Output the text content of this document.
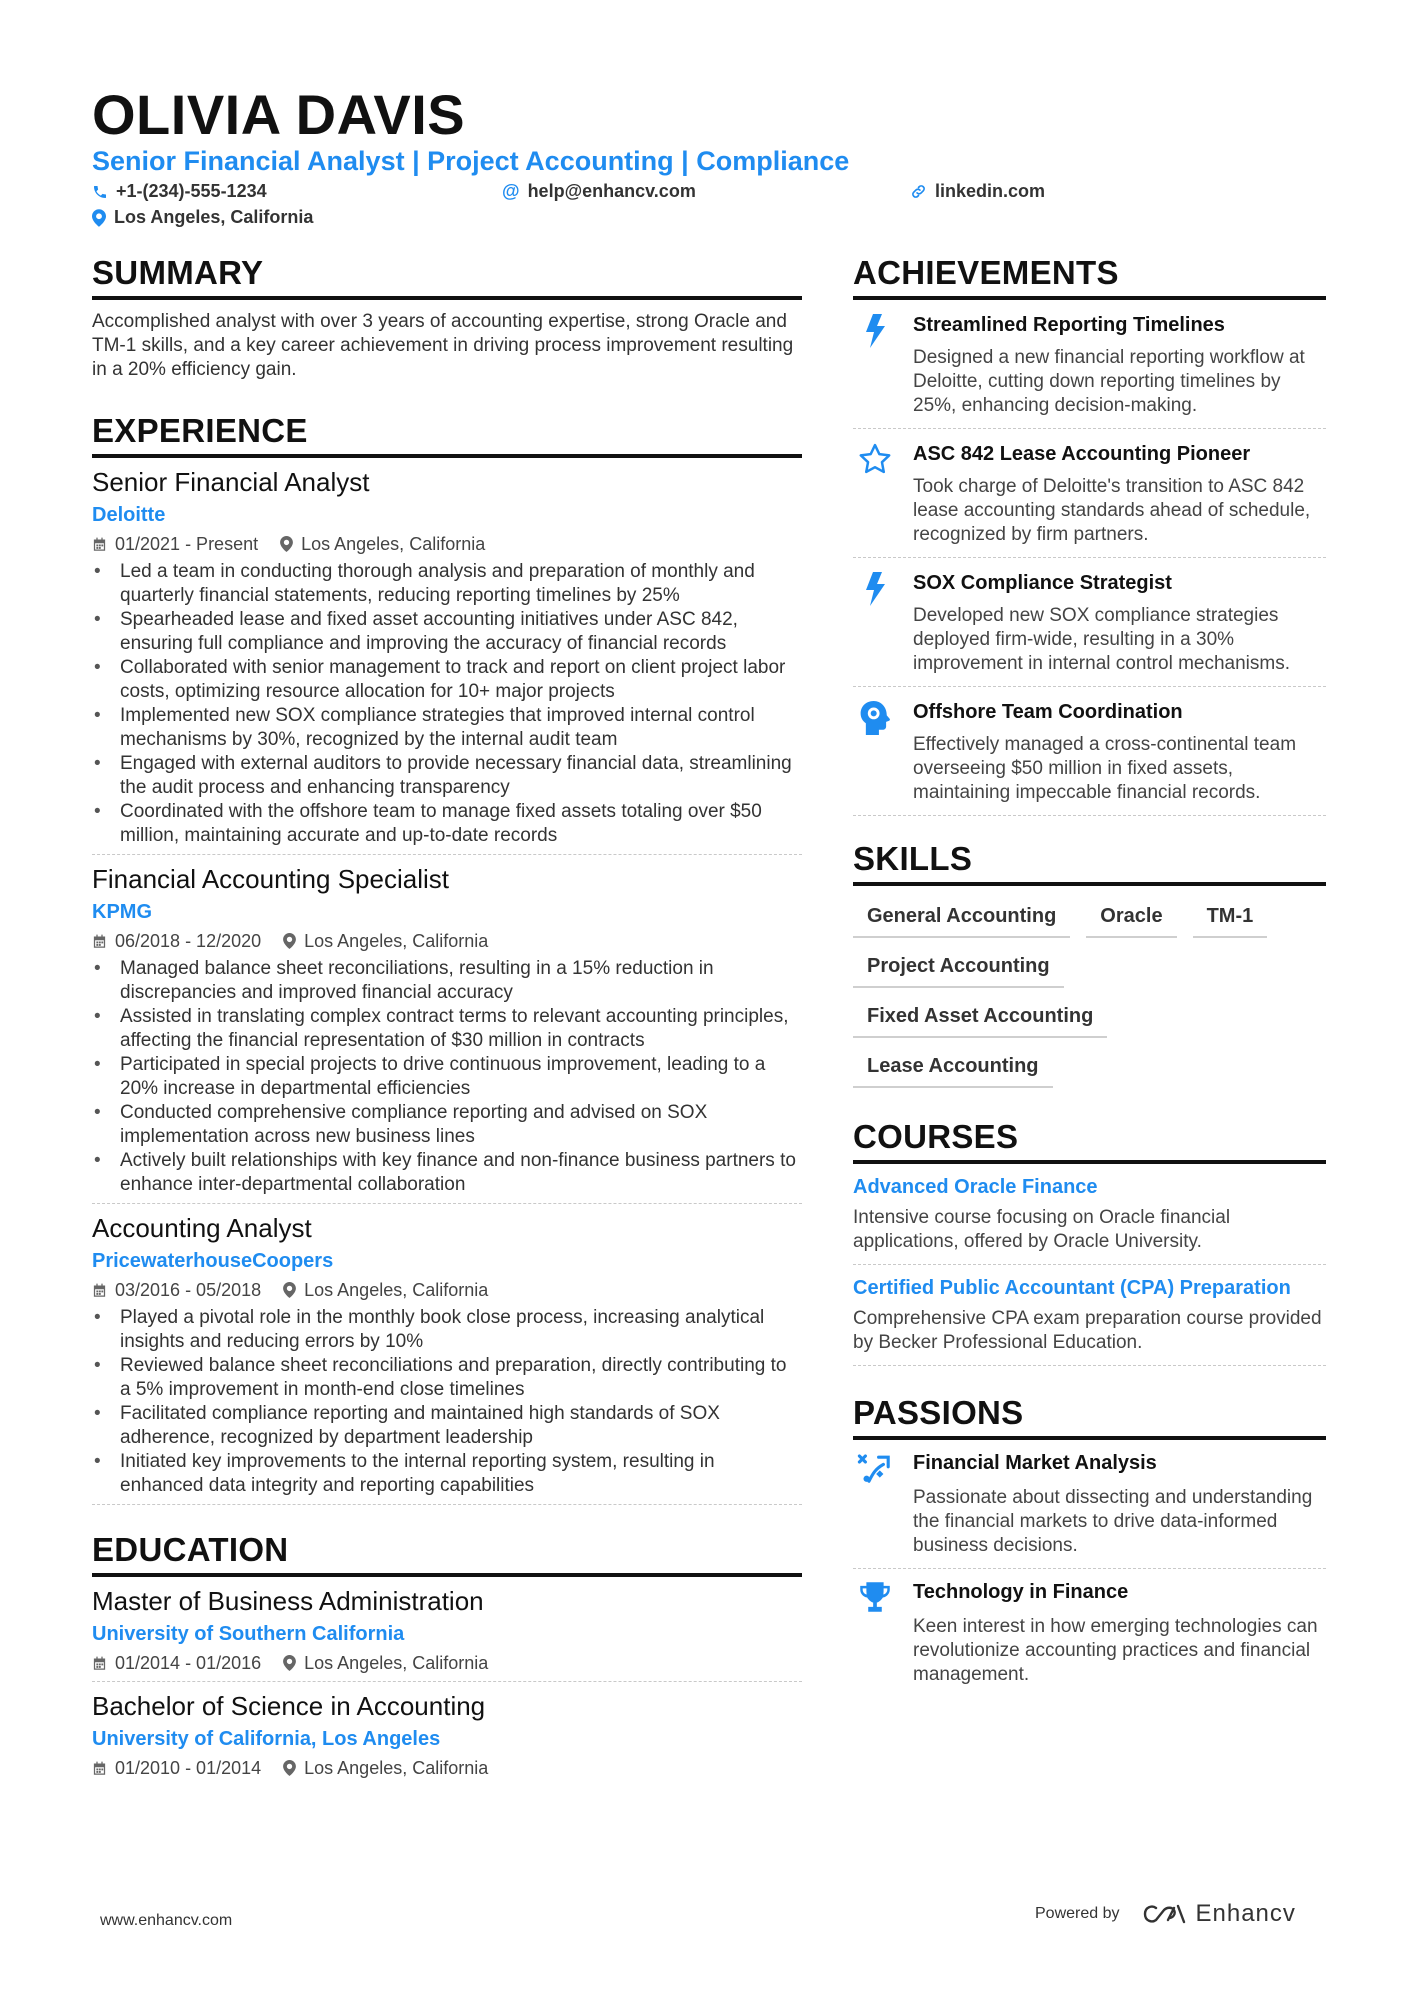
OLIVIA DAVIS
Senior Financial Analyst | Project Accounting | Compliance
+1-(234)-555-1234	@ help@enhancv.com	linkedin.com
Los Angeles, California
SUMMARY
Accomplished analyst with over 3 years of accounting expertise, strong Oracle and TM-1 skills, and a key career achievement in driving process improvement resulting in a 20% efficiency gain.
EXPERIENCE
Senior Financial Analyst
Deloitte
01/2021 - Present Los Angeles, California
• Led a team in conducting thorough analysis and preparation of monthly and quarterly financial statements, reducing reporting timelines by 25%
• Spearheaded lease and fixed asset accounting initiatives under ASC 842, ensuring full compliance and improving the accuracy of financial records
• Collaborated with senior management to track and report on client project labor costs, optimizing resource allocation for 10+ major projects
• Implemented new SOX compliance strategies that improved internal control mechanisms by 30%, recognized by the internal audit team
• Engaged with external auditors to provide necessary financial data, streamlining the audit process and enhancing transparency
• Coordinated with the offshore team to manage fixed assets totaling over $50 million, maintaining accurate and up-to-date records
Financial Accounting Specialist
KPMG
06/2018 - 12/2020 Los Angeles, California
• Managed balance sheet reconciliations, resulting in a 15% reduction in discrepancies and improved financial accuracy
• Assisted in translating complex contract terms to relevant accounting principles, affecting the financial representation of $30 million in contracts
• Participated in special projects to drive continuous improvement, leading to a 20% increase in departmental efficiencies
• Conducted comprehensive compliance reporting and advised on SOX implementation across new business lines
• Actively built relationships with key finance and non-finance business partners to enhance inter-departmental collaboration
Accounting Analyst
PricewaterhouseCoopers
03/2016 - 05/2018 Los Angeles, California
• Played a pivotal role in the monthly book close process, increasing analytical insights and reducing errors by 10%
• Reviewed balance sheet reconciliations and preparation, directly contributing to a 5% improvement in month-end close timelines
• Facilitated compliance reporting and maintained high standards of SOX adherence, recognized by department leadership
• Initiated key improvements to the internal reporting system, resulting in enhanced data integrity and reporting capabilities
EDUCATION
Master of Business Administration
University of Southern California
01/2014 - 01/2016 Los Angeles, California
Bachelor of Science in Accounting
University of California, Los Angeles
01/2010 - 01/2014 Los Angeles, California
ACHIEVEMENTS
Streamlined Reporting Timelines
Designed a new financial reporting workflow at Deloitte, cutting down reporting timelines by 25%, enhancing decision-making.
ASC 842 Lease Accounting Pioneer
Took charge of Deloitte's transition to ASC 842 lease accounting standards ahead of schedule, recognized by firm partners.
SOX Compliance Strategist
Developed new SOX compliance strategies deployed firm-wide, resulting in a 30% improvement in internal control mechanisms.
Offshore Team Coordination
Effectively managed a cross-continental team overseeing $50 million in fixed assets, maintaining impeccable financial records.
SKILLS
General Accounting	Oracle	TM-1
Project Accounting
Fixed Asset Accounting
Lease Accounting
COURSES
Advanced Oracle Finance
Intensive course focusing on Oracle financial applications, offered by Oracle University.
Certified Public Accountant (CPA) Preparation
Comprehensive CPA exam preparation course provided by Becker Professional Education.
PASSIONS
Financial Market Analysis
Passionate about dissecting and understanding the financial markets to drive data-informed business decisions.
Technology in Finance
Keen interest in how emerging technologies can revolutionize accounting practices and financial management.
www.enhancv.com	Powered by	Enhancv
